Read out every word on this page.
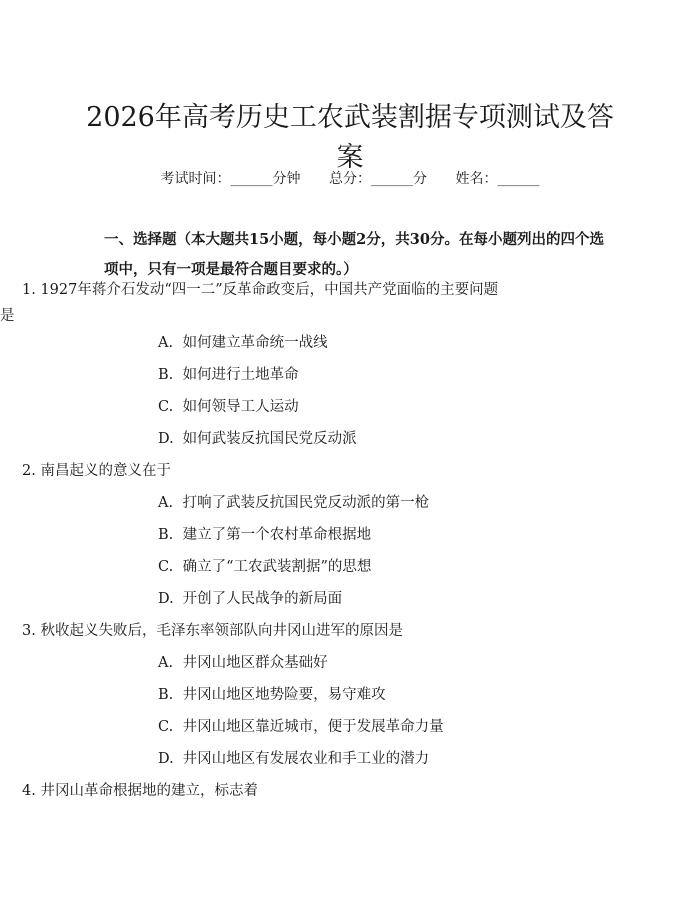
2026年高考历史工农武装割据专项测试及答案
考试时间：______分钟 总分：______分 姓名：______
一、选择题（本大题共15小题，每小题2分，共30分。在每小题列出的四个选项中，只有一项是最符合题目要求的。）
1. 1927年蒋介石发动“四一二”反革命政变后，中国共产党面临的主要问题是
A. 如何建立革命统一战线
B. 如何进行土地革命
C. 如何领导工人运动
D. 如何武装反抗国民党反动派
2. 南昌起义的意义在于
A. 打响了武装反抗国民党反动派的第一枪
B. 建立了第一个农村革命根据地
C. 确立了“工农武装割据”的思想
D. 开创了人民战争的新局面
3. 秋收起义失败后，毛泽东率领部队向井冈山进军的原因是
A. 井冈山地区群众基础好
B. 井冈山地区地势险要，易守难攻
C. 井冈山地区靠近城市，便于发展革命力量
D. 井冈山地区有发展农业和手工业的潜力
4. 井冈山革命根据地的建立，标志着
